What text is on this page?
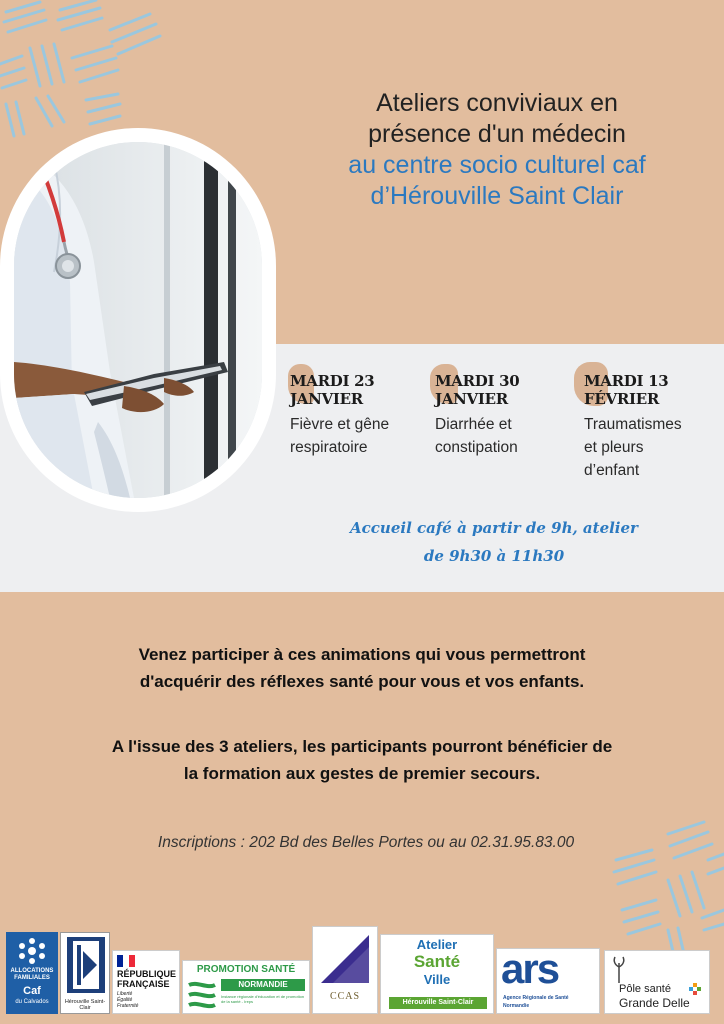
Ateliers conviviaux en
présence d'un médecin
au centre socio culturel caf
d’Hérouville Saint Clair
MARDI 23
JANVIER
Fièvre et gêne
respiratoire
MARDI 30
JANVIER
Diarrhée et
constipation
MARDI 13
FÉVRIER
Traumatismes
et pleurs
d’enfant
Accueil café à partir de 9h, atelier
de 9h30 à 11h30
Venez participer à ces animations qui vous permettront
d'acquérir des réflexes santé pour vous et vos enfants.
A l'issue des 3 ateliers, les participants pourront bénéficier de
la formation aux gestes de premier secours.
Inscriptions : 202 Bd des Belles Portes ou au 02.31.95.83.00
ALLOCATIONS
FAMILIALES
Caf
du Calvados	Hérouville Saint-Clair
RÉPUBLIQUE
FRANÇAISE
Liberté
Égalité
Fraternité
PROMOTION SANTÉ
NORMANDIE
Instance régionale d'éducation et de promotion de la santé - Ireps	CCAS
Atelier
Santé
Ville
Hérouville Saint-Clair
ars
Agence Régionale de Santé
Normandie
Pôle santé
Grande Delle
